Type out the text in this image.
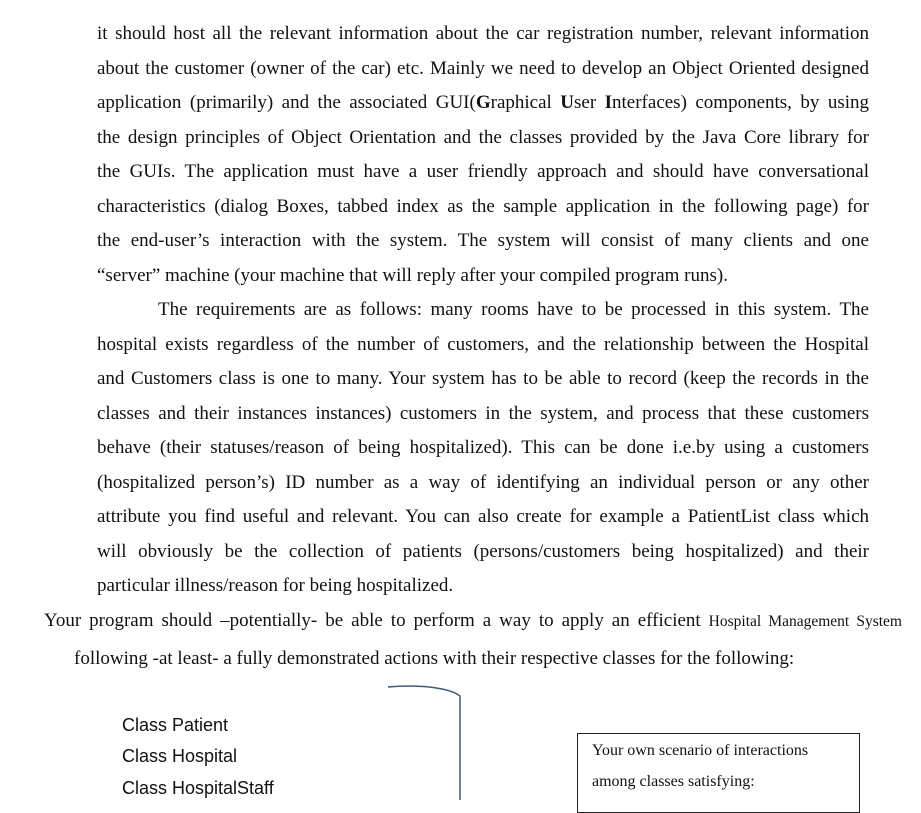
it should host all the relevant information about the car registration number, relevant information
about the customer (owner of the car) etc. Mainly we need to develop an Object Oriented designed
application (primarily) and the associated GUI(Graphical User Interfaces) components, by using
the design principles of Object Orientation and the classes provided by the Java Core library for
the GUIs. The application must have a user friendly approach and should have conversational
characteristics (dialog Boxes, tabbed index as the sample application in the following page) for
the end-user’s interaction with the system. The system will consist of many clients and one
“server” machine (your machine that will reply after your compiled program runs).
The requirements are as follows: many rooms have to be processed in this system. The
hospital exists regardless of the number of customers, and the relationship between the Hospital
and Customers class is one to many. Your system has to be able to record (keep the records in the
classes and their instances instances) customers in the system, and process that these customers
behave (their statuses/reason of being hospitalized). This can be done i.e.by using a customers
(hospitalized person’s) ID number as a way of identifying an individual person or any other
attribute you find useful and relevant. You can also create for example a PatientList class which
will obviously be the collection of patients (persons/customers being hospitalized) and their
particular illness/reason for being hospitalized.
Your program should –potentially- be able to perform a way to apply an efficient Hospital Management System
following -at least- a fully demonstrated actions with their respective classes for the following:
Class Patient
Class Hospital
Class HospitalStaff
Your own scenario of interactions
among classes satisfying:
